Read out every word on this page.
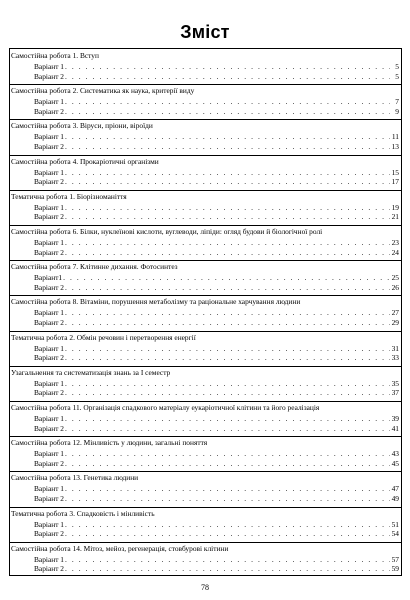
Зміст
Самостійна робота 1. Вступ
Варіант 1 . . .	5
Варіант 2 . . .	5
Самостійна робота 2. Систематика як наука, критерії виду
Варіант 1 . . .	7
Варіант 2 . . .	9
Самостійна робота 3. Віруси, пріони, віроїди
Варіант 1 . . .	11
Варіант 2 . . .	13
Самостійна робота 4. Прокаріотичні організми
Варіант 1 . . .	15
Варіант 2 . . .	17
Тематична робота 1. Біорізноманіття
Варіант 1 . . .	19
Варіант 2 . . .	21
Самостійна робота 6. Білки, нуклеїнові кислоти, вуглеводи, ліпіди: огляд будови й біологічної ролі
Варіант 1 . . .	23
Варіант 2 . . .	24
Самостійна робота 7. Клітинне дихання. Фотосинтез
Варіант1 . . .	25
Варіант 2 . . .	26
Самостійна робота 8. Вітаміни, порушення метаболізму та раціональне харчування людини
Варіант 1 . . .	27
Варіант 2 . . .	29
Тематична робота 2. Обмін речовин і перетворення енергії
Варіант 1 . . .	31
Варіант 2 . . .	33
Узагальнення та систематизація знань за I семестр
Варіант 1 . . .	35
Варіант 2 . . .	37
Самостійна робота 11. Організація спадкового матеріалу еукаріотичної клітини та його реалізація
Варіант 1 . . .	39
Варіант 2 . . .	41
Самостійна робота 12. Мінливість у людини, загальні поняття
Варіант 1 . . .	43
Варіант 2 . . .	45
Самостійна робота 13. Генетика людини
Варіант 1 . . .	47
Варіант 2 . . .	49
Тематична робота 3. Спадковість і мінливість
Варіант 1 . . .	51
Варіант 2 . . .	54
Самостійна робота 14. Мітоз, мейоз, регенерація, стовбурові клітини
Варіант 1 . . .	57
Варіант 2 . . .	59
78
